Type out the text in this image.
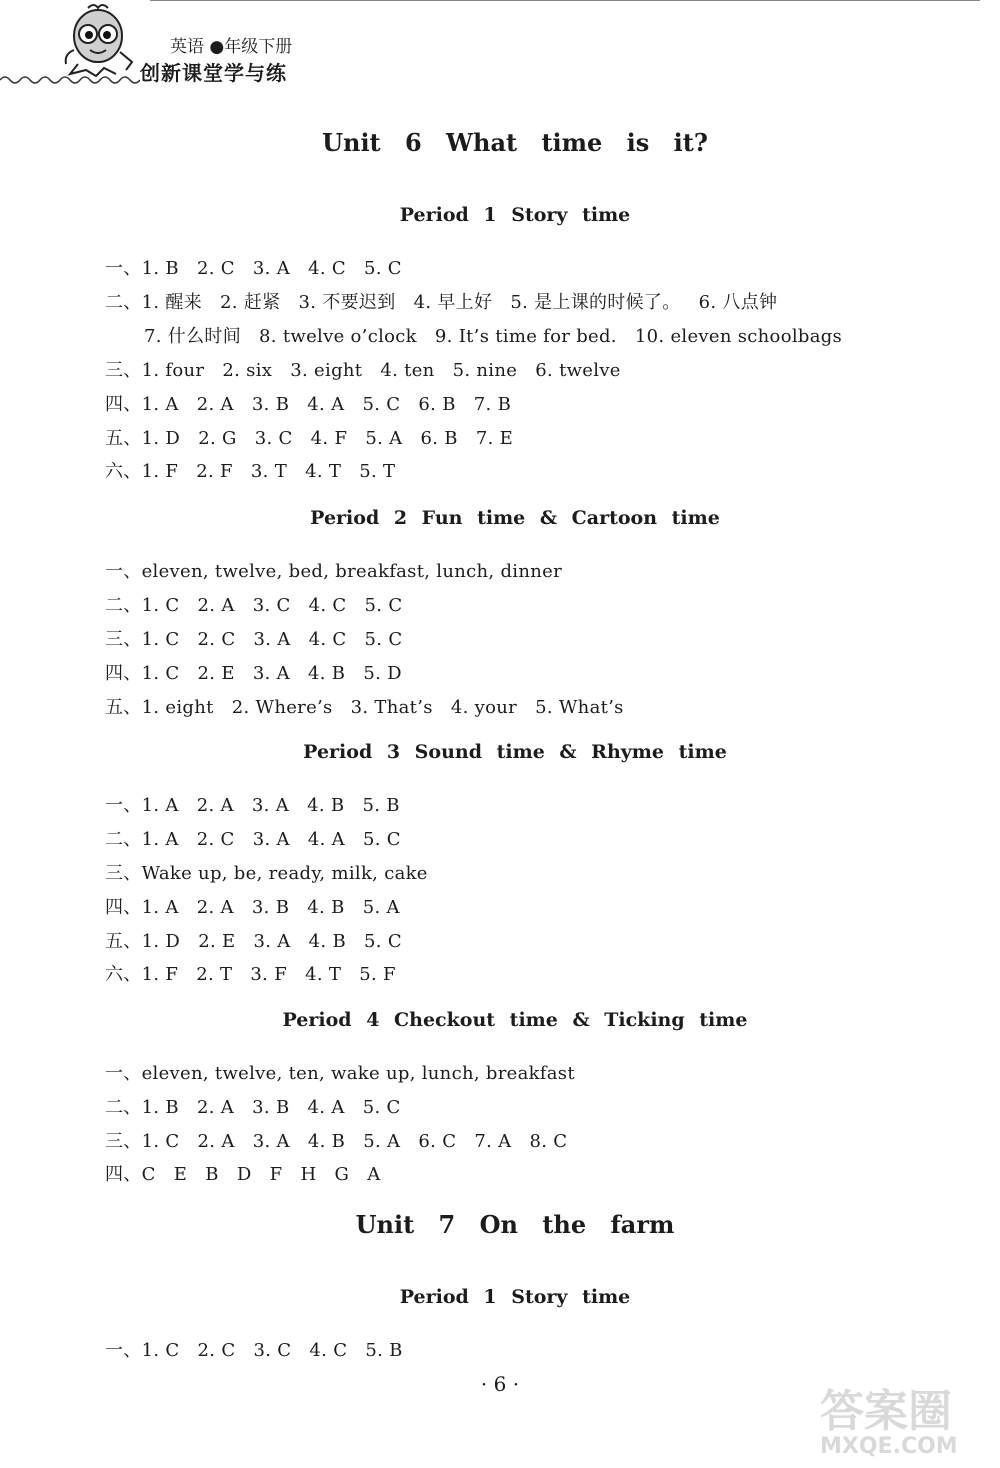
英语 ●年级下册
创新课堂学与练
Unit 6 What time is it?
Period 1 Story time
一、1. B   2. C   3. A   4. C   5. C
二、1. 醒来   2. 赶紧   3. 不要迟到   4. 早上好   5. 是上课的时候了。   6. 八点钟
7. 什么时间   8. twelve o’clock   9. It’s time for bed.   10. eleven schoolbags
三、1. four   2. six   3. eight   4. ten   5. nine   6. twelve
四、1. A   2. A   3. B   4. A   5. C   6. B   7. B
五、1. D   2. G   3. C   4. F   5. A   6. B   7. E
六、1. F   2. F   3. T   4. T   5. T
Period 2 Fun time & Cartoon time
一、eleven, twelve, bed, breakfast, lunch, dinner
二、1. C   2. A   3. C   4. C   5. C
三、1. C   2. C   3. A   4. C   5. C
四、1. C   2. E   3. A   4. B   5. D
五、1. eight   2. Where’s   3. That’s   4. your   5. What’s
Period 3 Sound time & Rhyme time
一、1. A   2. A   3. A   4. B   5. B
二、1. A   2. C   3. A   4. A   5. C
三、Wake up, be, ready, milk, cake
四、1. A   2. A   3. B   4. B   5. A
五、1. D   2. E   3. A   4. B   5. C
六、1. F   2. T   3. F   4. T   5. F
Period 4 Checkout time & Ticking time
一、eleven, twelve, ten, wake up, lunch, breakfast
二、1. B   2. A   3. B   4. A   5. C
三、1. C   2. A   3. A   4. B   5. A   6. C   7. A   8. C
四、C   E   B   D   F   H   G   A
Unit 7 On the farm
Period 1 Story time
一、1. C   2. C   3. C   4. C   5. B
· 6 ·
答案圈
MXQE.COM
